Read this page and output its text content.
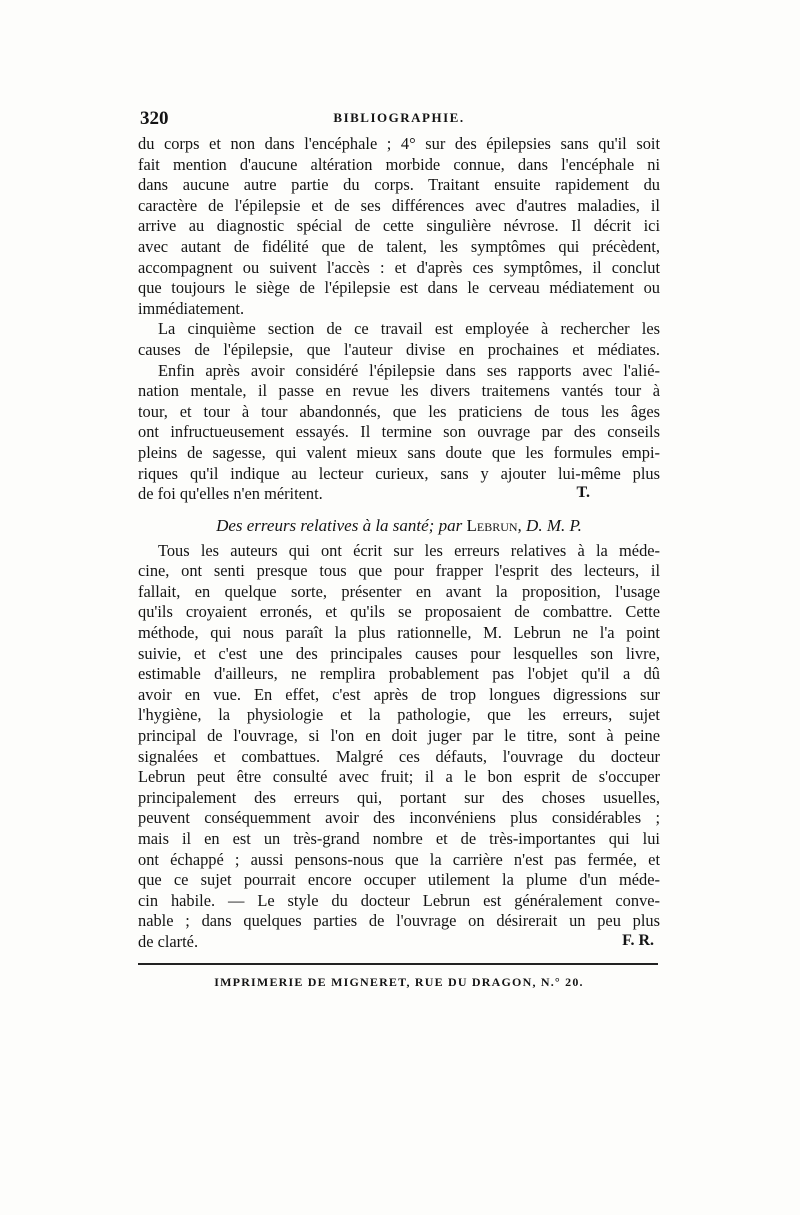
320	BIBLIOGRAPHIE.
du corps et non dans l'encéphale ; 4° sur des épilepsies sans qu'il soit
fait mention d'aucune altération morbide connue, dans l'encéphale ni
dans aucune autre partie du corps. Traitant ensuite rapidement du
caractère de l'épilepsie et de ses différences avec d'autres maladies, il
arrive au diagnostic spécial de cette singulière névrose. Il décrit ici
avec autant de fidélité que de talent, les symptômes qui précèdent,
accompagnent ou suivent l'accès : et d'après ces symptômes, il conclut
que toujours le siège de l'épilepsie est dans le cerveau médiatement ou
immédiatement.
La cinquième section de ce travail est employée à rechercher les
causes de l'épilepsie, que l'auteur divise en prochaines et médiates.
Enfin après avoir considéré l'épilepsie dans ses rapports avec l'alié-
nation mentale, il passe en revue les divers traitemens vantés tour à
tour, et tour à tour abandonnés, que les praticiens de tous les âges
ont infructueusement essayés. Il termine son ouvrage par des conseils
pleins de sagesse, qui valent mieux sans doute que les formules empi-
riques qu'il indique au lecteur curieux, sans y ajouter lui-même plus
de foi qu'elles n'en méritent.	T.
Des erreurs relatives à la santé; par Lebrun, D. M. P.
Tous les auteurs qui ont écrit sur les erreurs relatives à la méde-
cine, ont senti presque tous que pour frapper l'esprit des lecteurs, il
fallait, en quelque sorte, présenter en avant la proposition, l'usage
qu'ils croyaient erronés, et qu'ils se proposaient de combattre. Cette
méthode, qui nous paraît la plus rationnelle, M. Lebrun ne l'a point
suivie, et c'est une des principales causes pour lesquelles son livre,
estimable d'ailleurs, ne remplira probablement pas l'objet qu'il a dû
avoir en vue. En effet, c'est après de trop longues digressions sur
l'hygiène, la physiologie et la pathologie, que les erreurs, sujet
principal de l'ouvrage, si l'on en doit juger par le titre, sont à peine
signalées et combattues. Malgré ces défauts, l'ouvrage du docteur
Lebrun peut être consulté avec fruit; il a le bon esprit de s'occuper
principalement des erreurs qui, portant sur des choses usuelles,
peuvent conséquemment avoir des inconvéniens plus considérables ;
mais il en est un très-grand nombre et de très-importantes qui lui
ont échappé ; aussi pensons-nous que la carrière n'est pas fermée, et
que ce sujet pourrait encore occuper utilement la plume d'un méde-
cin habile. — Le style du docteur Lebrun est généralement conve-
nable ; dans quelques parties de l'ouvrage on désirerait un peu plus
de clarté.	F. R.
IMPRIMERIE DE MIGNERET, RUE DU DRAGON, N.° 20.
